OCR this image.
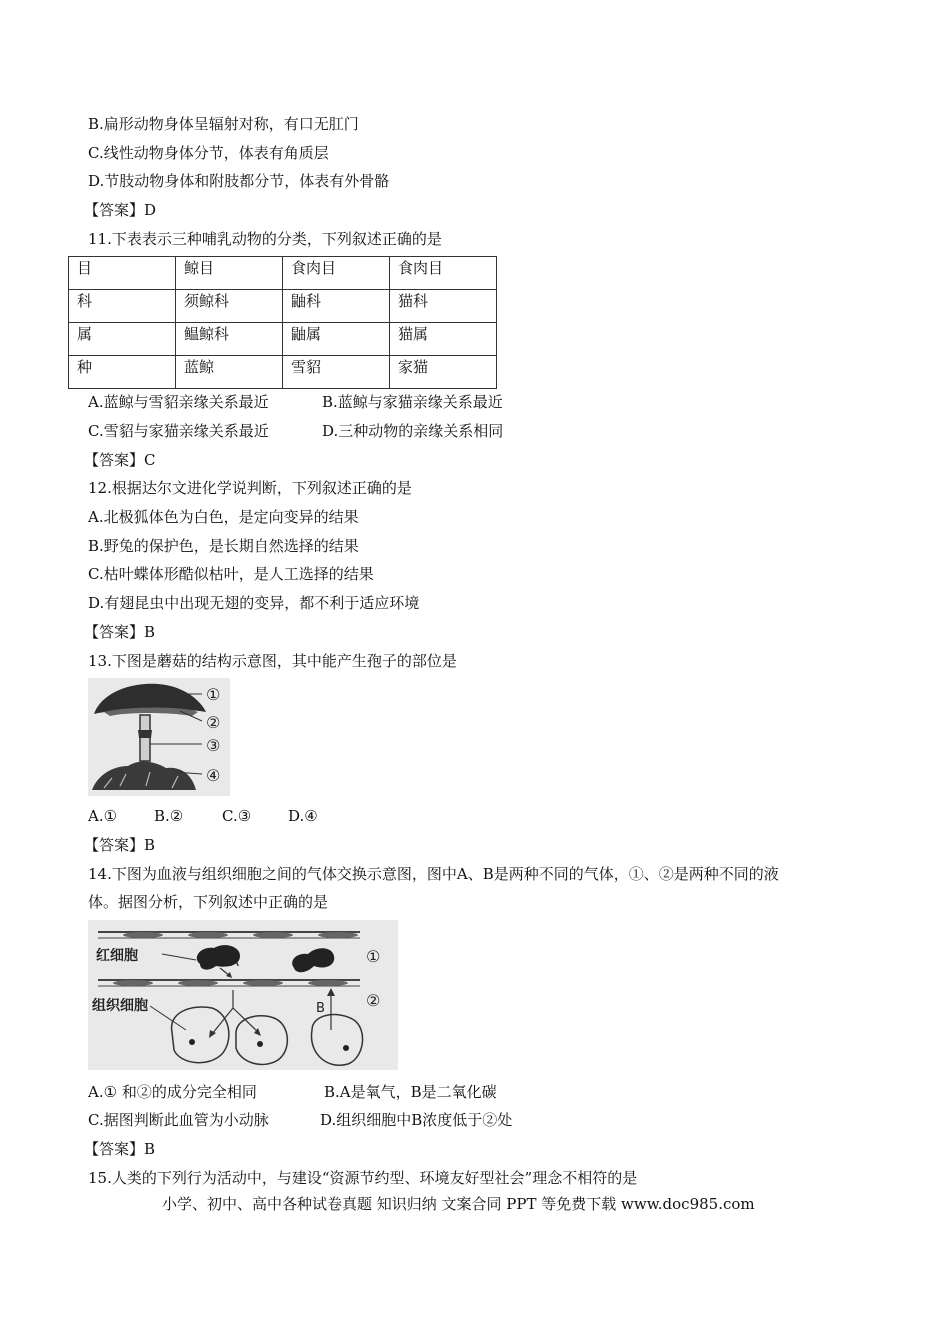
B.扁形动物身体呈辐射对称，有口无肛门
C.线性动物身体分节，体表有角质层
D.节肢动物身体和附肢都分节，体表有外骨骼
【答案】D
11.下表表示三种哺乳动物的分类，下列叙述正确的是
目	鲸目	食肉目	食肉目
科	须鲸科	鼬科	猫科
属	鳁鲸科	鼬属	猫属
种	蓝鲸	雪貂	家猫
A.蓝鲸与雪貂亲缘关系最近	B.蓝鲸与家猫亲缘关系最近
C.雪貂与家猫亲缘关系最近	D.三种动物的亲缘关系相同
【答案】C
12.根据达尔文进化学说判断，下列叙述正确的是
A.北极狐体色为白色，是定向变异的结果
B.野兔的保护色，是长期自然选择的结果
C.枯叶蝶体形酷似枯叶，是人工选择的结果
D.有翅昆虫中出现无翅的变异，都不利于适应环境
【答案】B
13.下图是蘑菇的结构示意图，其中能产生孢子的部位是
①
②
③
④
A.① B.②	C.③ D.④
【答案】B
14.下图为血液与组织细胞之间的气体交换示意图，图中A、B是两种不同的气体，①、②是两种不同的液
体。据图分析，下列叙述中正确的是
红细胞
组织细胞
A
B
①
②
A.① 和②的成分完全相同	B.A是氧气，B是二氧化碳
C.据图判断此血管为小动脉	D.组织细胞中B浓度低于②处
【答案】B
15.人类的下列行为活动中，与建设“资源节约型、环境友好型社会”理念不相符的是
小学、初中、高中各种试卷真题 知识归纳 文案合同 PPT 等免费下载 www.doc985.com
